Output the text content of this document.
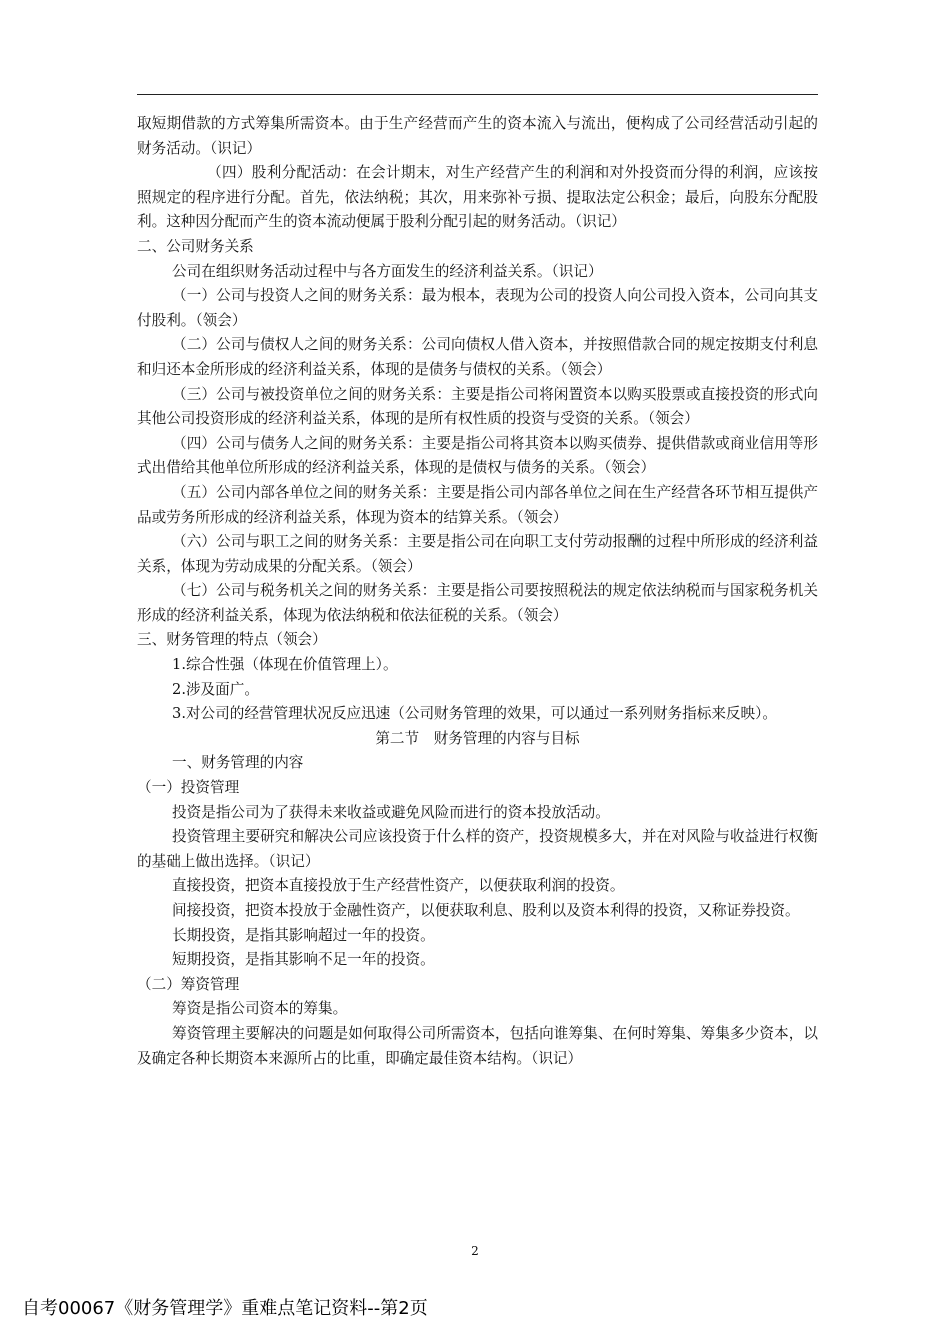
取短期借款的方式筹集所需资本。由于生产经营而产生的资本流入与流出，便构成了公司经营活动引起的财务活动。（识记）

（四）股利分配活动：在会计期末，对生产经营产生的利润和对外投资而分得的利润，应该按照规定的程序进行分配。首先，依法纳税；其次，用来弥补亏损、提取法定公积金；最后，向股东分配股利。这种因分配而产生的资本流动便属于股利分配引起的财务活动。（识记）

二、公司财务关系

公司在组织财务活动过程中与各方面发生的经济利益关系。（识记）

（一）公司与投资人之间的财务关系：最为根本，表现为公司的投资人向公司投入资本，公司向其支付股利。（领会）

（二）公司与债权人之间的财务关系：公司向债权人借入资本，并按照借款合同的规定按期支付利息和归还本金所形成的经济利益关系，体现的是债务与债权的关系。（领会）

（三）公司与被投资单位之间的财务关系：主要是指公司将闲置资本以购买股票或直接投资的形式向其他公司投资形成的经济利益关系，体现的是所有权性质的投资与受资的关系。（领会）

（四）公司与债务人之间的财务关系：主要是指公司将其资本以购买债券、提供借款或商业信用等形式出借给其他单位所形成的经济利益关系，体现的是债权与债务的关系。（领会）

（五）公司内部各单位之间的财务关系：主要是指公司内部各单位之间在生产经营各环节相互提供产品或劳务所形成的经济利益关系，体现为资本的结算关系。（领会）

（六）公司与职工之间的财务关系：主要是指公司在向职工支付劳动报酬的过程中所形成的经济利益关系，体现为劳动成果的分配关系。（领会）

（七）公司与税务机关之间的财务关系：主要是指公司要按照税法的规定依法纳税而与国家税务机关形成的经济利益关系，体现为依法纳税和依法征税的关系。（领会）

三、财务管理的特点（领会）

1.综合性强（体现在价值管理上）。

2.涉及面广。

3.对公司的经营管理状况反应迅速（公司财务管理的效果，可以通过一系列财务指标来反映）。

第二节　财务管理的内容与目标

一、财务管理的内容

（一）投资管理

投资是指公司为了获得未来收益或避免风险而进行的资本投放活动。

投资管理主要研究和解决公司应该投资于什么样的资产，投资规模多大，并在对风险与收益进行权衡的基础上做出选择。（识记）

直接投资，把资本直接投放于生产经营性资产，以便获取利润的投资。

间接投资，把资本投放于金融性资产，以便获取利息、股利以及资本利得的投资，又称证券投资。

长期投资，是指其影响超过一年的投资。

短期投资，是指其影响不足一年的投资。

（二）筹资管理

筹资是指公司资本的筹集。

筹资管理主要解决的问题是如何取得公司所需资本，包括向谁筹集、在何时筹集、筹集多少资本，以及确定各种长期资本来源所占的比重，即确定最佳资本结构。（识记）

2
自考00067《财务管理学》重难点笔记资料--第2页
